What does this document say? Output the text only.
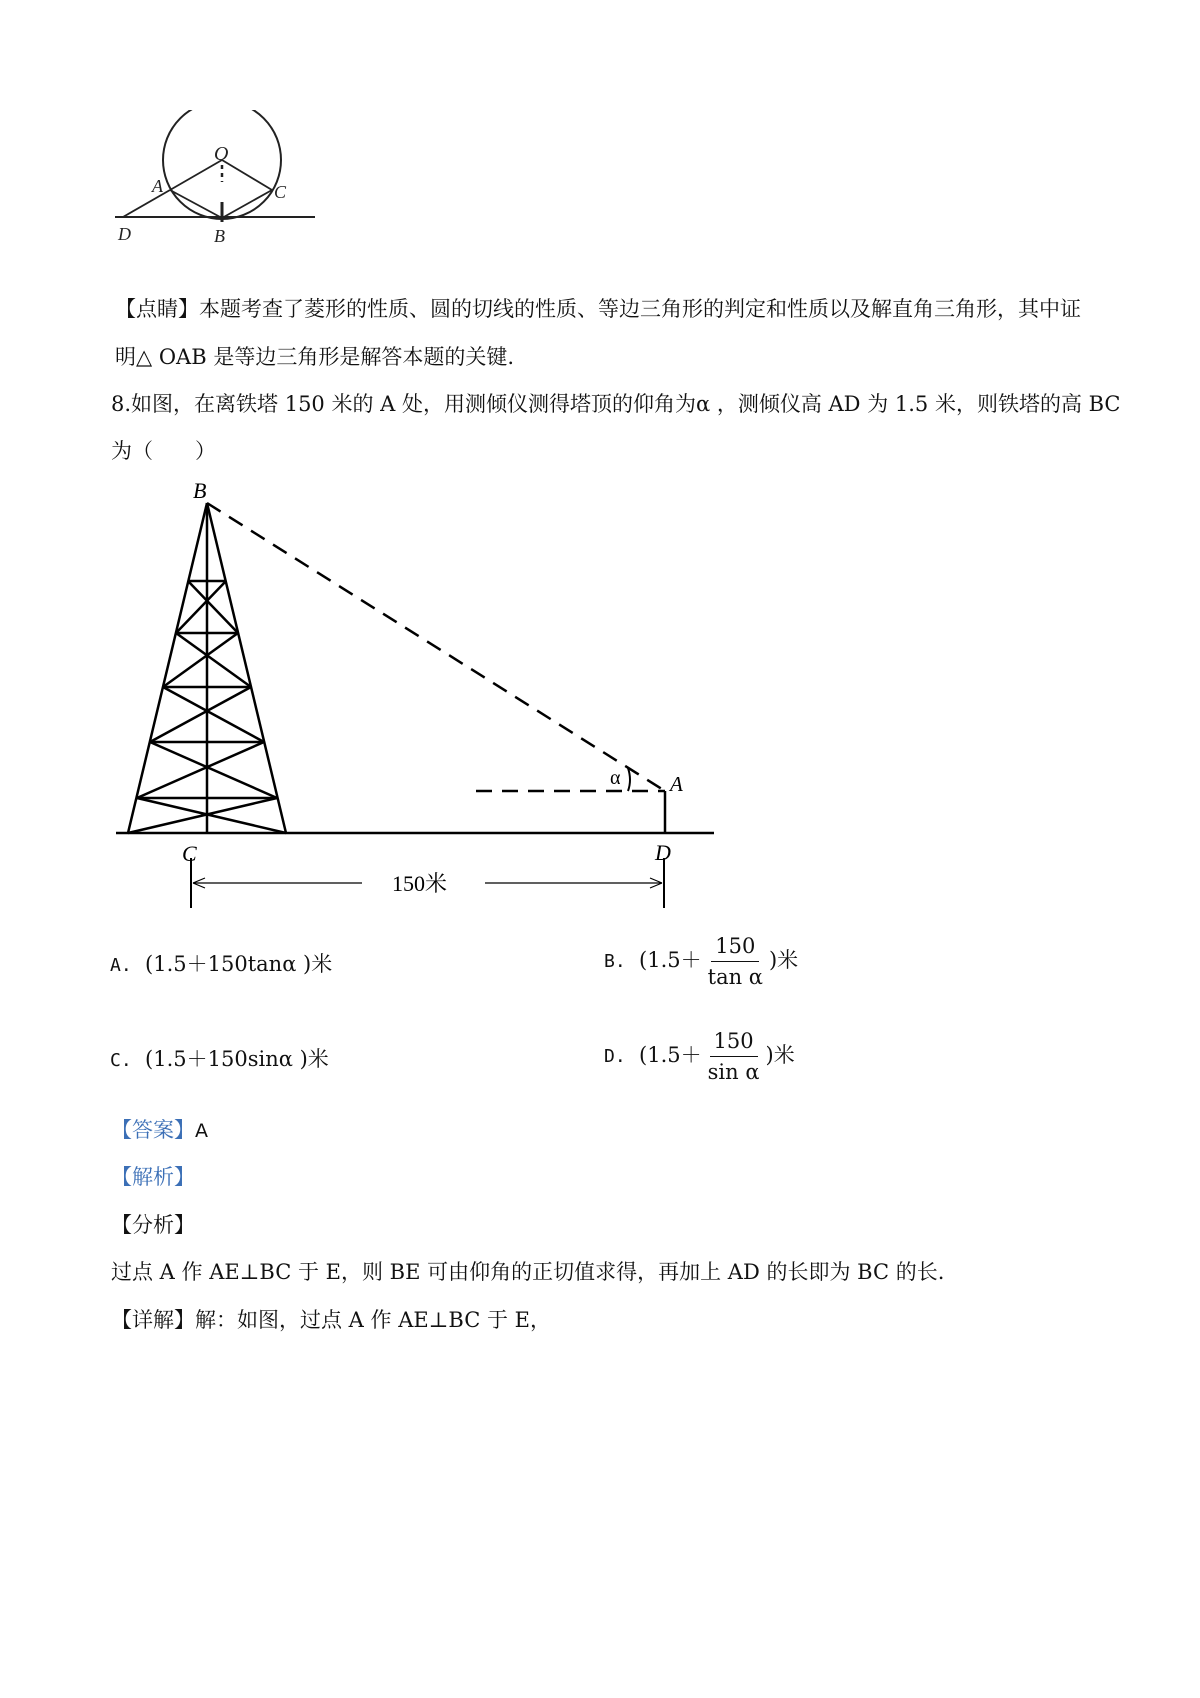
O
A	C
D	B
【点睛】本题考查了菱形的性质、圆的切线的性质、等边三角形的判定和性质以及解直角三角形，其中证
明△ OAB 是等边三角形是解答本题的关键.
8.如图，在离铁塔 150 米的 A 处，用测倾仪测得塔顶的仰角为α ，测倾仪高 AD 为 1.5 米，则铁塔的高 BC
为（　　）
B
A
α
C	D
150米
A. (1.5＋150tanα )米	B. ($1.5+ \frac{150}{\text{tan α}}$ )米
C. (1.5＋150sinα )米	D. ($1.5+ \frac{150}{\text{sin α}}$ )米
【答案】A
【解析】
【分析】
过点 A 作 AE⊥BC 于 E，则 BE 可由仰角的正切值求得，再加上 AD 的长即为 BC 的长.
【详解】解：如图，过点 A 作 AE⊥BC 于 E，
